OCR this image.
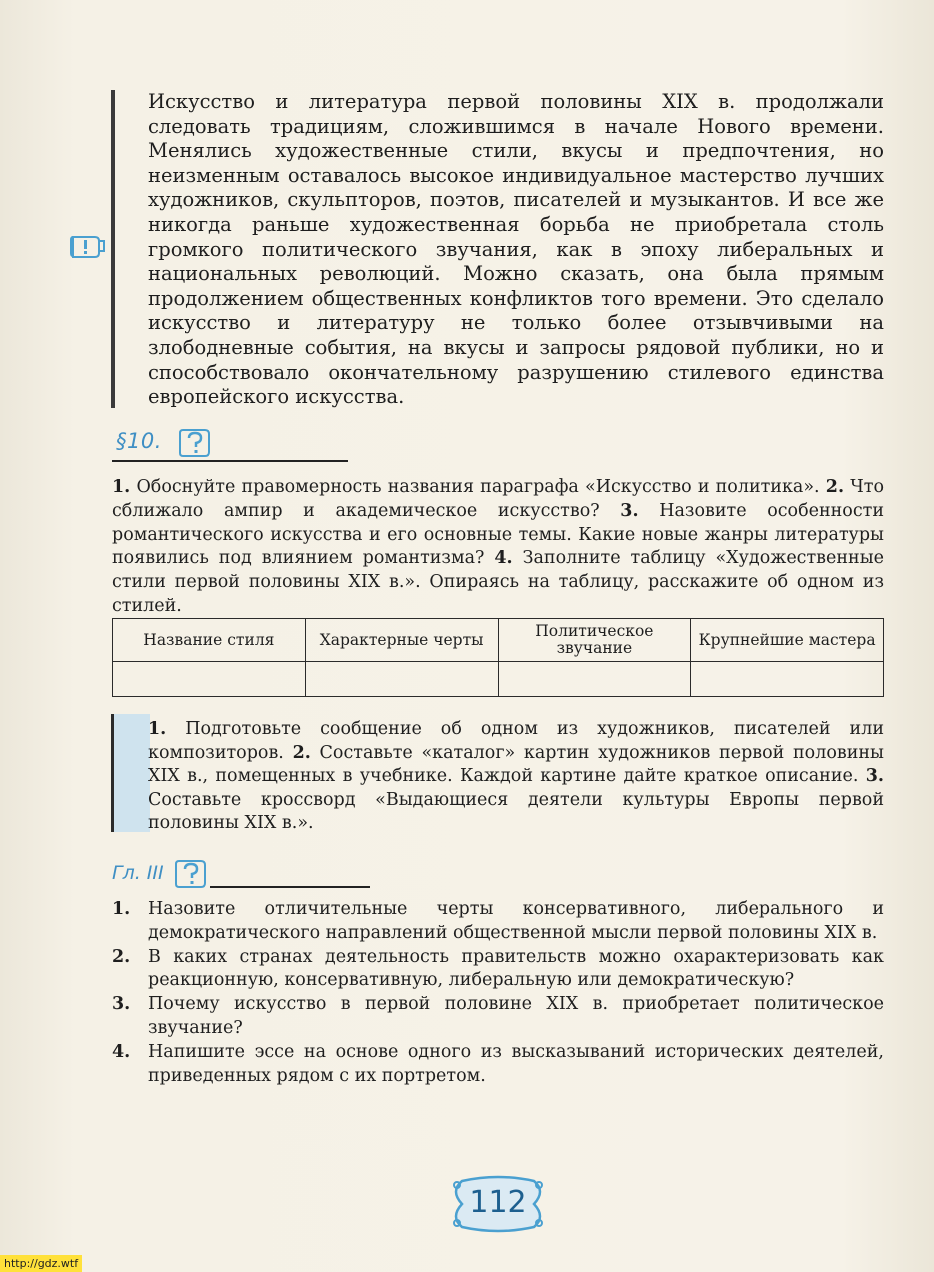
Искусство и литература первой половины XIX в. продолжали следовать традициям, сложившимся в начале Нового времени. Менялись художественные стили, вкусы и предпочтения, но неизменным оставалось высокое индивидуальное мастерство лучших художников, скульпторов, поэтов, писателей и музыкантов. И все же никогда раньше художественная борьба не приобретала столь громкого политического звучания, как в эпоху либеральных и национальных революций. Можно сказать, она была прямым продолжением общественных конфликтов того времени. Это сделало искусство и литературу не только более отзывчивыми на злободневные события, на вкусы и запросы рядовой публики, но и способствовало окончательному разрушению стилевого единства европейского искусства.

§10.

1. Обоснуйте правомерность названия параграфа «Искусство и политика». 2. Что сближало ампир и академическое искусство? 3. Назовите особенности романтического искусства и его основные темы. Какие новые жанры литературы появились под влиянием романтизма? 4. Заполните таблицу «Художественные стили первой половины XIX в.». Опираясь на таблицу, расскажите об одном из стилей.

Название стиля	Характерные черты	Политическое звучание	Крупнейшие мастера

1. Подготовьте сообщение об одном из художников, писателей или композиторов. 2. Составьте «каталог» картин художников первой половины XIX в., помещенных в учебнике. Каждой картине дайте краткое описание. 3. Составьте кроссворд «Выдающиеся деятели культуры Европы первой половины XIX в.».

Гл. III
1. Назовите отличительные черты консервативного, либерального и демократического направлений общественной мысли первой половины XIX в.
2. В каких странах деятельность правительств можно охарактеризовать как реакционную, консервативную, либеральную или демократическую?
3. Почему искусство в первой половине XIX в. приобретает политическое звучание?
4. Напишите эссе на основе одного из высказываний исторических деятелей, приведенных рядом с их портретом.
112
http://gdz.wtf
